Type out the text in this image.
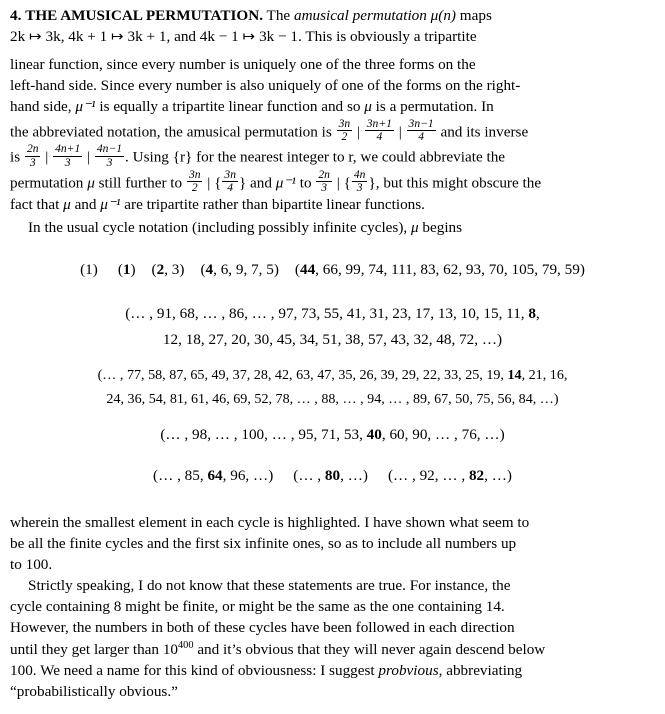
4. THE AMUSICAL PERMUTATION. The amusical permutation μ(n) maps

2k ↦ 3k, 4k + 1 ↦ 3k + 1, and 4k − 1 ↦ 3k − 1. This is obviously a tripartite

linear function, since every number is uniquely one of the three forms on the

left-hand side. Since every number is also uniquely of one of the forms on the right-

hand side, μ⁻¹ is equally a tripartite linear function and so μ is a permutation. In

the abbreviated notation, the amusical permutation is $\frac{3n}{2}$ | $\frac{3n+1}{4}$ | $\frac{3n-1}{4}$ and its inverse

is $\frac{2n}{3}$ | $\frac{4n+1}{3}$ | $\frac{4n-1}{3}$ . Using {r} for the nearest integer to r, we could abbreviate the

permutation μ still further to $\frac{3n}{2}$ | { $\frac{3n}{4}$ } and μ⁻¹ to $\frac{2n}{3}$ | { $\frac{4n}{3}$ }, but this might obscure the

fact that μ and μ⁻¹ are tripartite rather than bipartite linear functions.

In the usual cycle notation (including possibly infinite cycles), μ begins

(1) (1) (2, 3) (4, 6, 9, 7, 5) (44, 66, 99, 74, 111, 83, 62, 93, 70, 105, 79, 59)
(… , 91, 68, … , 86, … , 97, 73, 55, 41, 31, 23, 17, 13, 10, 15, 11, 8,
12, 18, 27, 20, 30, 45, 34, 51, 38, 57, 43, 32, 48, 72, …)
(… , 77, 58, 87, 65, 49, 37, 28, 42, 63, 47, 35, 26, 39, 29, 22, 33, 25, 19, 14, 21, 16,
24, 36, 54, 81, 61, 46, 69, 52, 78, … , 88, … , 94, … , 89, 67, 50, 75, 56, 84, …)
(… , 98, … , 100, … , 95, 71, 53, 40, 60, 90, … , 76, …)
(… , 85, 64, 96, …) (… , 80, …) (… , 92, … , 82, …)

wherein the smallest element in each cycle is highlighted. I have shown what seem to

be all the finite cycles and the first six infinite ones, so as to include all numbers up

to 100.

Strictly speaking, I do not know that these statements are true. For instance, the

cycle containing 8 might be finite, or might be the same as the one containing 14.

However, the numbers in both of these cycles have been followed in each direction

until they get larger than $10^{400}$ and it’s obvious that they will never again descend below

100. We need a name for this kind of obviousness: I suggest probvious, abbreviating

“probabilistically obvious.”
